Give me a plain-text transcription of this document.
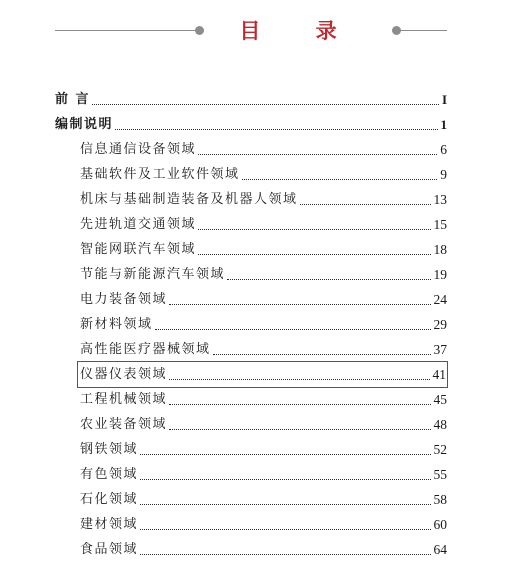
目 录
前 言	I
编制说明	1
信息通信设备领域	6
基础软件及工业软件领域	9
机床与基础制造装备及机器人领域	13
先进轨道交通领域	15
智能网联汽车领域	18
节能与新能源汽车领域	19
电力装备领域	24
新材料领域	29
高性能医疗器械领域	37
仪器仪表领域	41
工程机械领域	45
农业装备领域	48
钢铁领域	52
有色领域	55
石化领域	58
建材领域	60
食品领域	64
